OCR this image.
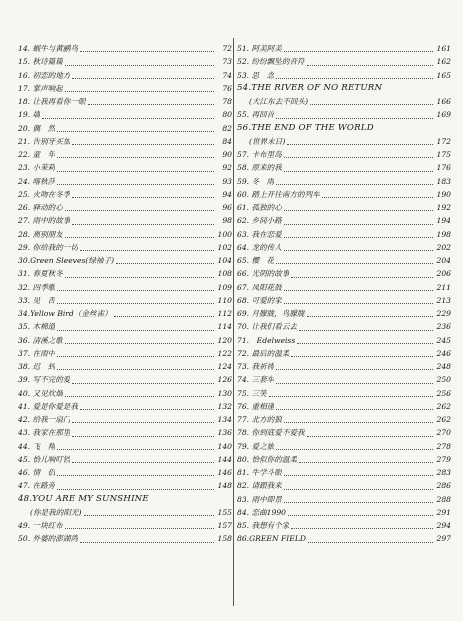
14. 蜗牛与黄鹂鸟	72
15. 秋诗篇篇	73
16. 初恋的地方	74
17. 掌声响起	76
18. 让我再看你一眼	78
19. 墙	80
20. 偶　然	82
21. 告别牙买加	84
22. 童　年	90
23. 小茉莉	92
24. 喀秋莎	93
25. 火吻在冬季	94
26. 驿动的心	96
27. 雨中的故事	98
28. 离别朋友	100
29. 你给我的一切	102
30.Green Sleeves(绿袖子)	104
31. 春夏秋冬	108
32. 四季歌	109
33. 见　否	110
34.Yellow Bird（金丝雀）	112
35. 木棉道	114
36. 清溪之歌	120
37. 在雨中	122
38. 迟　到	124
39. 写不完的爱	126
40. 又见炊烟	130
41. 爱是你爱是我	132
42. 给我一扇门	134
43. 我家在那里	136
44. 飞　翔	140
45. 恰儿响叮铛	144
46. 情　侣	146
47. 在路旁	148
48.YOU ARE MY SUNSHINE
(你是我的阳光)	155
49. 一块红布	157
50. 外婆的澎湖湾	158
51. 阿美阿美	161
52. 纷纷飘坠的音符	162
53. 思　念	165
54.THE RIVER OF NO RETURN
(大江东去不回头)	166
55. 再回首	169
56.THE END OF THE WORLD
(世界末日)	172
57. 卡布里岛	175
58. 原来的我	176
59. 冬　雨	183
60. 踏上开往南方的列车	190
61. 孤独的心	192
62. 乡间小路	194
63. 我在恋爱	198
64. 龙的传人	202
65. 樱　花	204
66. 光阴的故事	206
67. 凤阳花鼓	211
68. 可爱的家	213
69. 月朦胧，鸟朦胧	229
70. 让我们看云去	236
71.　Edelweiss	245
72. 最后的温柔	246
73. 我祈祷	248
74. 三套车	250
75. 三笑	256
76. 重相逢	262
77. 北方的狼	262
78. 你到底爱不爱我	270
79. 爱之旅	278
80. 恰似你的温柔	279
81. 牛学斗眼	283
82. 请跟我来	286
83. 雨中即景	288
84. 恋曲1990	291
85. 我想有个家	294
86.GREEN FIELD	297
